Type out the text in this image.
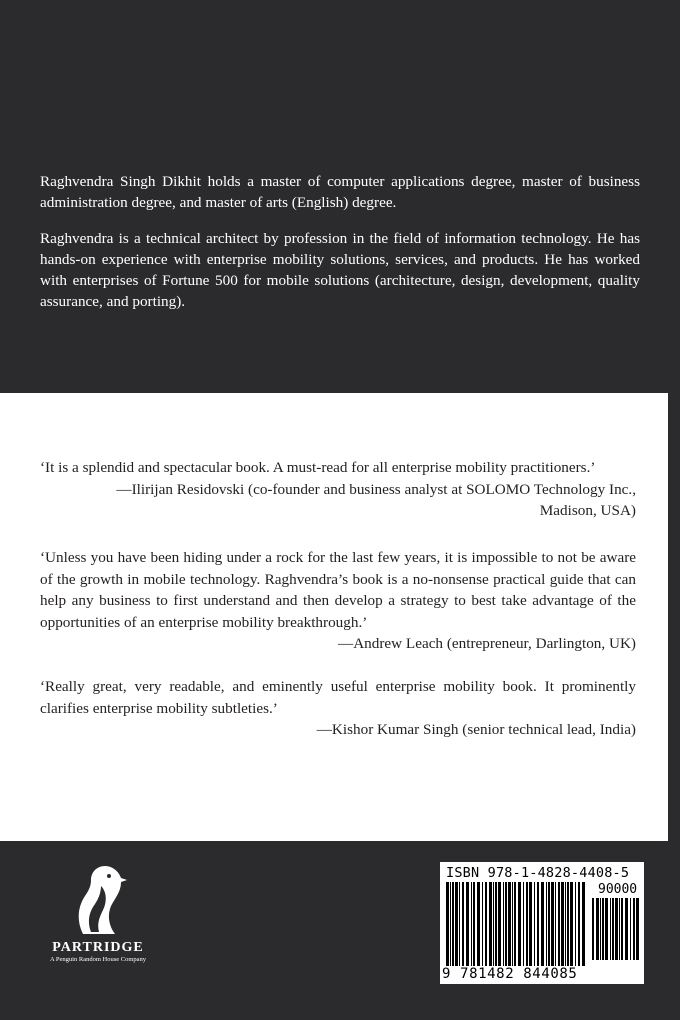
Raghvendra Singh Dikhit holds a master of computer applications degree, master of business administration degree, and master of arts (English) degree.

Raghvendra is a technical architect by profession in the field of information technology. He has hands-on experience with enterprise mobility solutions, services, and products. He has worked with enterprises of Fortune 500 for mobile solutions (architecture, design, development, quality assurance, and porting).

‘It is a splendid and spectacular book. A must-read for all enterprise mobility practitioners.’

—Ilirijan Residovski (co-founder and business analyst at SOLOMO Technology Inc., Madison, USA)

‘Unless you have been hiding under a rock for the last few years, it is impossible to not be aware of the growth in mobile technology. Raghvendra’s book is a no-nonsense practical guide that can help any business to first understand and then develop a strategy to best take advantage of the opportunities of an enterprise mobility breakthrough.’

—Andrew Leach (entrepreneur, Darlington, UK)

‘Really great, very readable, and eminently useful enterprise mobility book. It prominently clarifies enterprise mobility subtleties.’

—Kishor Kumar Singh (senior technical lead, India)

PARTRIDGE
A Penguin Random House Company
ISBN 978-1-4828-4408-5
90000
9 781482 844085
